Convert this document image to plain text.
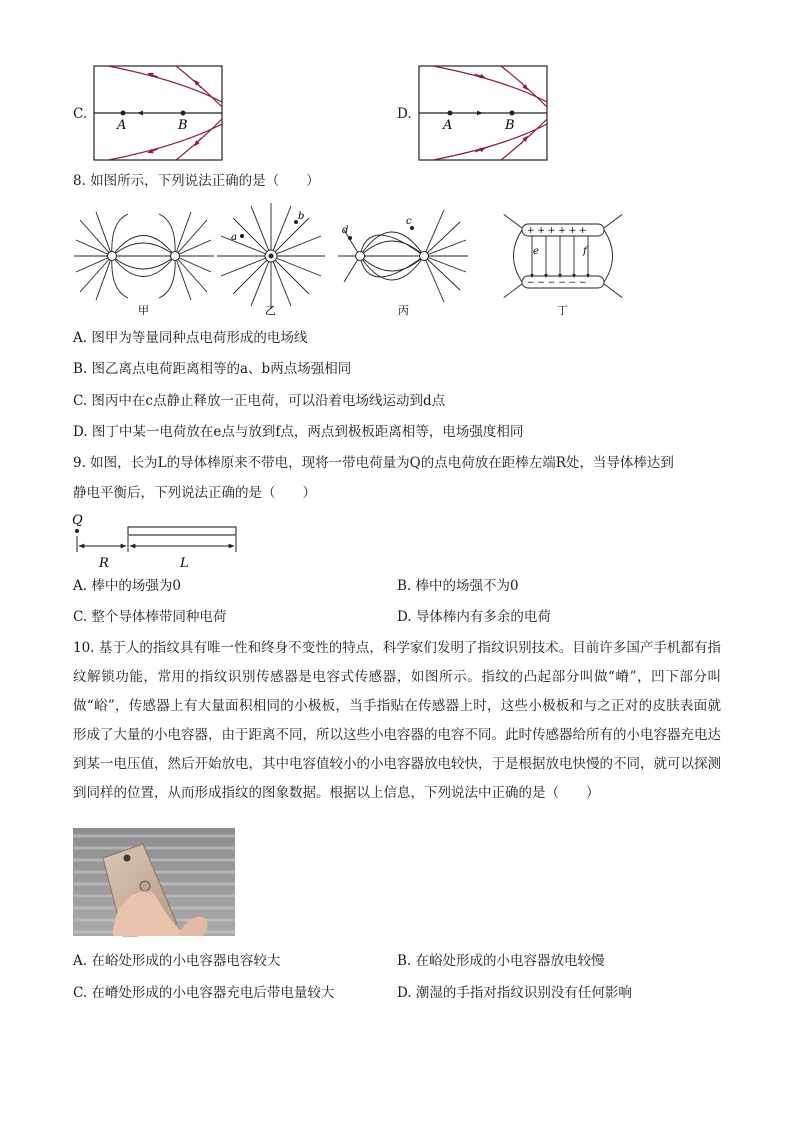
C.
A	B	A	B
D.
8. 如图所示，下列说法正确的是（　　）
甲
a
b
乙
d
c
丙
+ + + + + +
− − − − − −
e	f
丁
A. 图甲为等量同种点电荷形成的电场线
B. 图乙离点电荷距离相等的a、b两点场强相同
C. 图丙中在c点静止释放一正电荷，可以沿着电场线运动到d点
D. 图丁中某一电荷放在e点与放到f点，两点到极板距离相等，电场强度相同
9. 如图，长为L的导体棒原来不带电，现将一带电荷量为Q的点电荷放在距棒左端R处，当导体棒达到
静电平衡后，下列说法正确的是（　　）
Q
R	L
A. 棒中的场强为0	B. 棒中的场强不为0
C. 整个导体棒带同种电荷	D. 导体棒内有多余的电荷
10. 基于人的指纹具有唯一性和终身不变性的特点，科学家们发明了指纹识别技术。目前许多国产手机都有指纹解锁功能，常用的指纹识别传感器是电容式传感器，如图所示。指纹的凸起部分叫做“嵴”，凹下部分叫做“峪”，传感器上有大量面积相同的小极板，当手指贴在传感器上时，这些小极板和与之正对的皮肤表面就形成了大量的小电容器，由于距离不同，所以这些小电容器的电容不同。此时传感器给所有的小电容器充电达到某一电压值，然后开始放电，其中电容值较小的小电容器放电较快，于是根据放电快慢的不同，就可以探测到同样的位置，从而形成指纹的图象数据。根据以上信息，下列说法中正确的是（　　）
A. 在峪处形成的小电容器电容较大	B. 在峪处形成的小电容器放电较慢
C. 在嵴处形成的小电容器充电后带电量较大	D. 潮湿的手指对指纹识别没有任何影响
